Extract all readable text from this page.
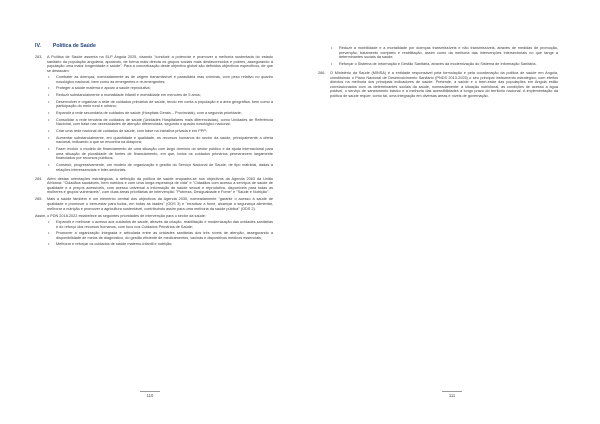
IV. Política de Saúde
263.	A Política de Saúde assenta na ELP Angola 2025, visando "conduzir a potenciar e promover a melhoria sustentada do estado sanitário da população angolana, apoiando, de forma mais directa os grupos sociais mais desfavorecidos e pobres, assegurando à população uma maior longevidade e saúde". Para a concretização deste objectivo global são definidos objectivos específicos, de que se destacam:

•	Combater as doenças, nomeadamente as de origem transmissível e parasitária mas crónicas, com peso relativo no quadro nosológico nacional, bem como as emergentes e re-emergentes;
•	Proteger a saúde materna e apoiar a saúde reprodutiva;
•	Reduzir substancialmente a mortalidade infantil e mortalidade em menores de 5 anos;
•	Desenvolver e organizar a rede de cuidados primários de saúde, tendo em conta a população e a área geográfica, bem como a participação do meio rural e urbano;
•	Expandir a rede secundária de cuidados de saúde (Hospitais Gerais – Provinciais), com a segunda prioridade;
•	Consolidar a rede terciária de cuidados de saúde (Unidades Hospitalares mais diferenciadas), como Unidades de Referência Nacional, com base nas necessidades de atenção diferenciada, segundo o quadro nosológico nacional;
•	Criar uma rede nacional de cuidados de saúde, com base na iniciativa privada e em PPP;
•	Aumentar substancialmente, em quantidade e qualidade, os recursos humanos do sector da saúde, principalmente a oferta nacional, indicando a que se encontra na diáspora;
•	Fazer evoluir o modelo de financiamento de uma situação com largo domínio do sector público e da ajuda internacional para uma situação de pluralidade de fontes de financiamento, em que, todos os cuidados primários permanecem largamente financiados por recursos públicos;
•	Construir, progressivamente, um modelo de organização e gestão do Serviço Nacional de Saúde, de tipo matricial, dadas a relações interessenciais e inter-sectoriais.
264.	Além destas orientações estratégicas, a definição da política de saúde enquadra-se nos objectivos da Agenda 2063 da União Africana: "Cidadãos saudáveis, bem nutridos e com uma longa esperança de vida" e "Cidadãos com acesso a serviços de saúde de qualidade e a preços acessíveis, com acesso universal a informação de saúde sexual e reprodutiva, disponíveis para todas as mulheres e grupos vulneráveis", com duas áreas prioritárias de intervenção: "Pobreza, Desigualdade e Fome" e "Saúde e Nutrição".

265.	Mais a saúde também é um elemento central dos objectivos da Agenda 2030, nomeadamente "garantir o acesso à saúde de qualidade e promover o bem-estar para todos, em todas as idades" (ODS 3) e "erradicar a fome, alcançar a segurança alimentar, melhorar a nutrição e promover a agricultura sustentável, contribuindo assim para uma melhoria da saúde pública" (ODS 2).

Assim, o PDN 2018-2022 estabelece as seguintes prioridades de intervenção para o sector da saúde:

•	Expandir e melhorar o acesso aos cuidados de saúde, através da criação, reabilitação e modernização das unidades sanitárias e do reforço dos recursos humanos, com foco nos Cuidados Primários de Saúde;
•	Promover a organização integrada e articulada entre as unidades sanitárias dos três níveis de atenção, assegurando a disponibilidade de meios de diagnóstico, do gestão eficiente de medicamentos, vacinas e dispositivos médicos essenciais;
•	Melhorar e reforçar os cuidados de saúde materno-infantil e nutrição;
110
•	Reduzir a morbilidade e a mortalidade por doenças transmissíveis e não transmissíveis, através de medidas de promoção, prevenção, tratamento completo e reabilitação, assim como da melhoria das intervenções intersectoriais no que tange a determinantes sociais da saúde;
•	Reforçar o Sistema de Informação e Gestão Sanitária, através da modernização do Sistema de Informação Sanitária.
266.	O Ministério da Saúde (MINSA) é a entidade responsável pela formulação e pela coordenação da política de saúde em Angola, constituindo o Plano Nacional de Desenvolvimento Sanitário (PNDS 2013-2025) o seu principal instrumento estratégico, com efeitos directos na melhoria dos principais indicadores de saúde. Pretende, a saúde e o bem-estar das populações em Angola estão correlacionados com os determinantes sociais da saúde, nomeadamente: a situação nutricional, as condições de acesso a água potável, o serviço de saneamento básico e a melhoria das acessibilidades a longo prazo do território nacional. A implementação da política de saúde requer, como tal, uma integração em diversas áreas e níveis de governação.

111
